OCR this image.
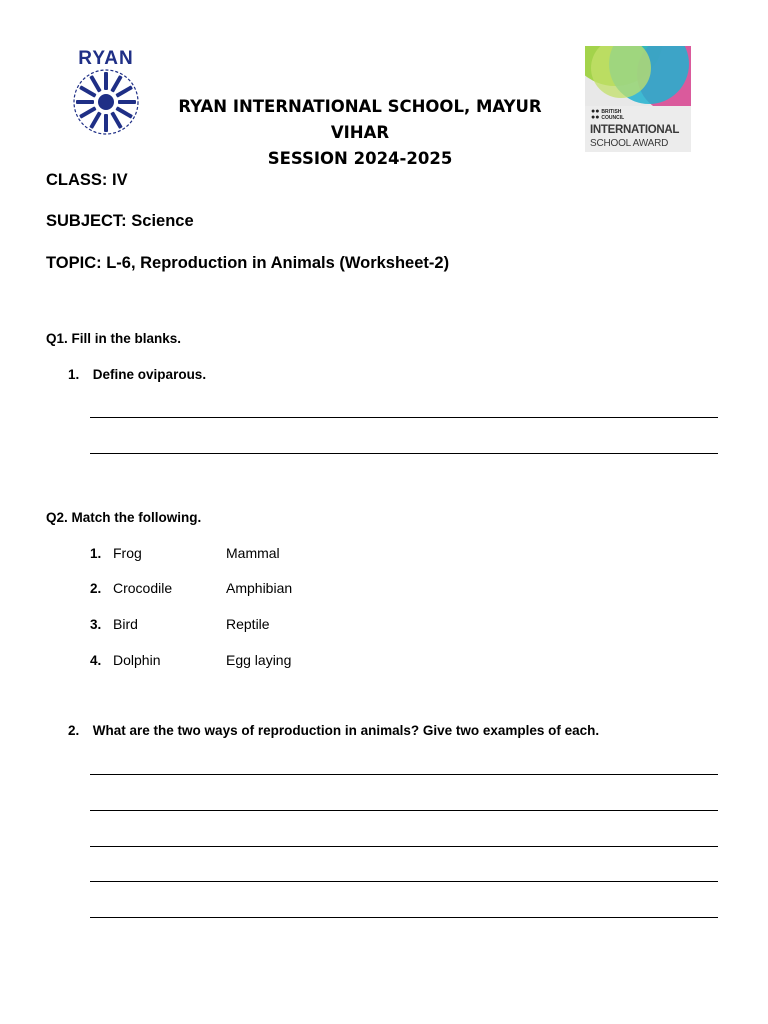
RYAN
RYAN INTERNATIONAL SCHOOL, MAYUR
VIHAR
SESSION 2024-2025
●● BRITISH
●● COUNCIL
INTERNATIONAL
SCHOOL AWARD
CLASS: IV
SUBJECT: Science
TOPIC: L-6, Reproduction in Animals (Worksheet-2)
Q1. Fill in the blanks.
1. Define oviparous.
Q2. Match the following.
1. Frog	Mammal
2. Crocodile	Amphibian
3. Bird	Reptile
4. Dolphin	Egg laying
2. What are the two ways of reproduction in animals? Give two examples of each.
